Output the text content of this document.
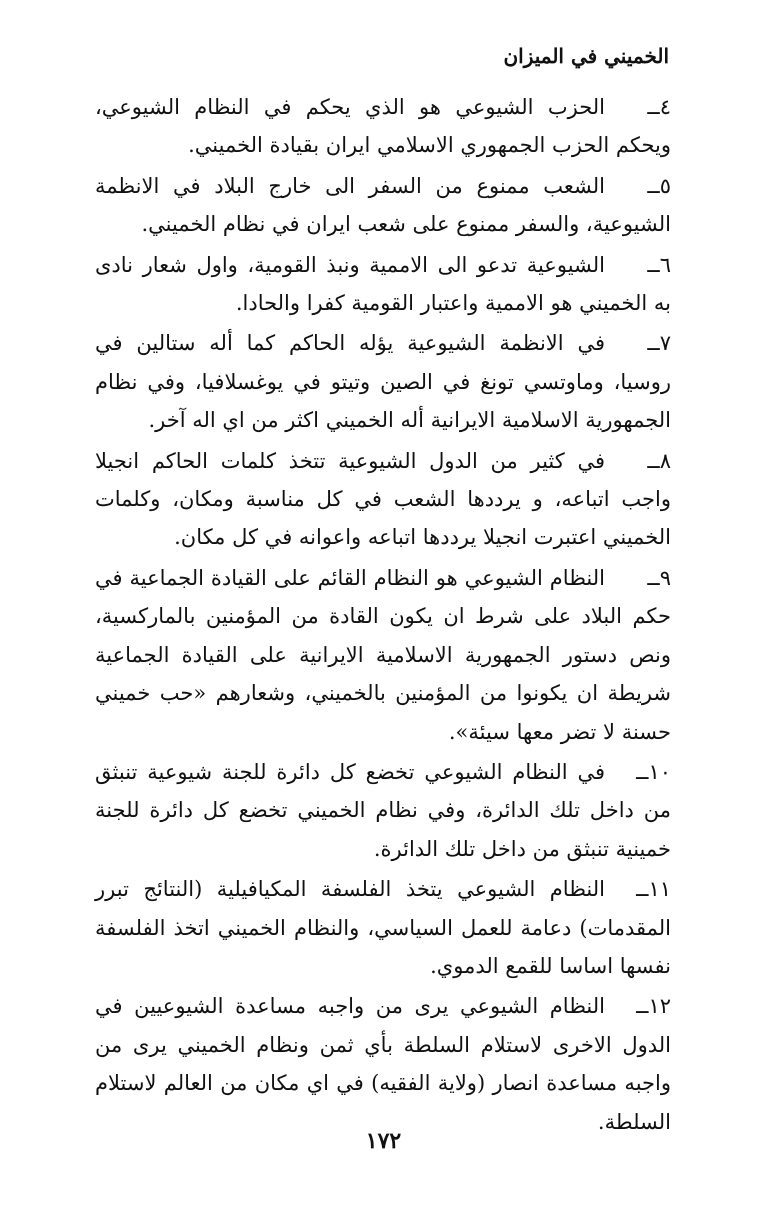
الخميني في الميزان

٤ــالحزب الشيوعي هو الذي يحكم في النظام الشيوعي، ويحكم الحزب الجمهوري الاسلامي ايران بقيادة الخميني.

٥ــالشعب ممنوع من السفر الى خارج البلاد في الانظمة الشيوعية، والسفر ممنوع على شعب ايران في نظام الخميني.

٦ــالشيوعية تدعو الى الاممية ونبذ القومية، واول شعار نادى به الخميني هو الاممية واعتبار القومية كفرا والحادا.

٧ــفي الانظمة الشيوعية يؤله الحاكم كما أله ستالين في روسيا، وماوتسي تونغ في الصين وتيتو في يوغسلافيا، وفي نظام الجمهورية الاسلامية الايرانية أله الخميني اكثر من اي اله آخر.

٨ــفي كثير من الدول الشيوعية تتخذ كلمات الحاكم انجيلا واجب اتباعه، و يرددها الشعب في كل مناسبة ومكان، وكلمات الخميني اعتبرت انجيلا يرددها اتباعه واعوانه في كل مكان.

٩ــالنظام الشيوعي هو النظام القائم على القيادة الجماعية في حكم البلاد على شرط ان يكون القادة من المؤمنين بالماركسية، ونص دستور الجمهورية الاسلامية الايرانية على القيادة الجماعية شريطة ان يكونوا من المؤمنين بالخميني، وشعارهم «حب خميني حسنة لا تضر معها سيئة».

١٠ــفي النظام الشيوعي تخضع كل دائرة للجنة شيوعية تنبثق من داخل تلك الدائرة، وفي نظام الخميني تخضع كل دائرة للجنة خمينية تنبثق من داخل تلك الدائرة.

١١ــالنظام الشيوعي يتخذ الفلسفة المكيافيلية (النتائج تبرر المقدمات) دعامة للعمل السياسي، والنظام الخميني اتخذ الفلسفة نفسها اساسا للقمع الدموي.

١٢ــالنظام الشيوعي يرى من واجبه مساعدة الشيوعيين في الدول الاخرى لاستلام السلطة بأي ثمن ونظام الخميني يرى من واجبه مساعدة انصار (ولاية الفقيه) في اي مكان من العالم لاستلام السلطة.

١٧٢
